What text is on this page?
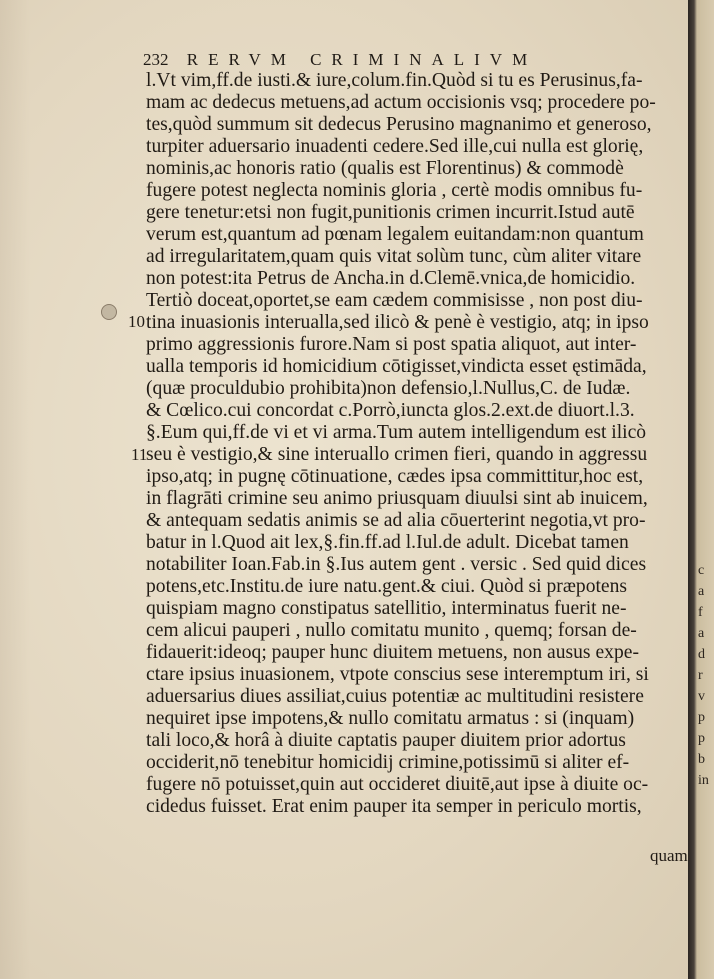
232 RERVM CRIMINALIVM
10
11
l.Vt vim,ff.de iusti.& iure,colum.fin.Quòd si tu es Perusinus,fa-
mam ac dedecus metuens,ad actum occisionis vsq; procedere po-
tes,quòd summum sit dedecus Perusino magnanimo et generoso,
turpiter aduersario inuadenti cedere.Sed ille,cui nulla est glorię,
nominis,ac honoris ratio (qualis est Florentinus) & commodè
fugere potest neglecta nominis gloria , certè modis omnibus fu-
gere tenetur:etsi non fugit,punitionis crimen incurrit.Istud autē
verum est,quantum ad pœnam legalem euitandam:non quantum
ad irregularitatem,quam quis vitat solùm tunc, cùm aliter vitare
non potest:ita Petrus de Ancha.in d.Clemē.vnica,de homicidio.
Tertiò doceat,oportet,se eam cædem commisisse , non post diu-
tina inuasionis interualla,sed ilicò & penè è vestigio, atq; in ipso
primo aggressionis furore.Nam si post spatia aliquot, aut inter-
ualla temporis id homicidium cōtigisset,vindicta esset ęstimāda,
(quæ proculdubio prohibita)non defensio,l.Nullus,C. de Iudæ.
& Cœlico.cui concordat c.Porrò,iuncta glos.2.ext.de diuort.l.3.
§.Eum qui,ff.de vi et vi arma.Tum autem intelligendum est ilicò
seu è vestigio,& sine interuallo crimen fieri, quando in aggressu
ipso,atq; in pugnę cōtinuatione, cædes ipsa committitur,hoc est,
in flagrāti crimine seu animo priusquam diuulsi sint ab inuicem,
& antequam sedatis animis se ad alia cōuerterint negotia,vt pro-
batur in l.Quod ait lex,§.fin.ff.ad l.Iul.de adult. Dicebat tamen
notabiliter Ioan.Fab.in §.Ius autem gent . versic . Sed quid dices
potens,etc.Institu.de iure natu.gent.& ciui. Quòd si præpotens
quispiam magno constipatus satellitio, interminatus fuerit ne-
cem alicui pauperi , nullo comitatu munito , quemq; forsan de-
fidauerit:ideoq; pauper hunc diuitem metuens, non ausus expe-
ctare ipsius inuasionem, vtpote conscius sese interemptum iri, si
aduersarius diues assiliat,cuius potentiæ ac multitudini resistere
nequiret ipse impotens,& nullo comitatu armatus : si (inquam)
tali loco,& horâ à diuite captatis pauper diuitem prior adortus
occiderit,nō tenebitur homicidij crimine,potissimū si aliter ef-
fugere nō potuisset,quin aut occideret diuitē,aut ipse à diuite oc-
cidedus fuisset. Erat enim pauper ita semper in periculo mortis,
quam
c
a
f
a
d
r
v
p
p
b
in
